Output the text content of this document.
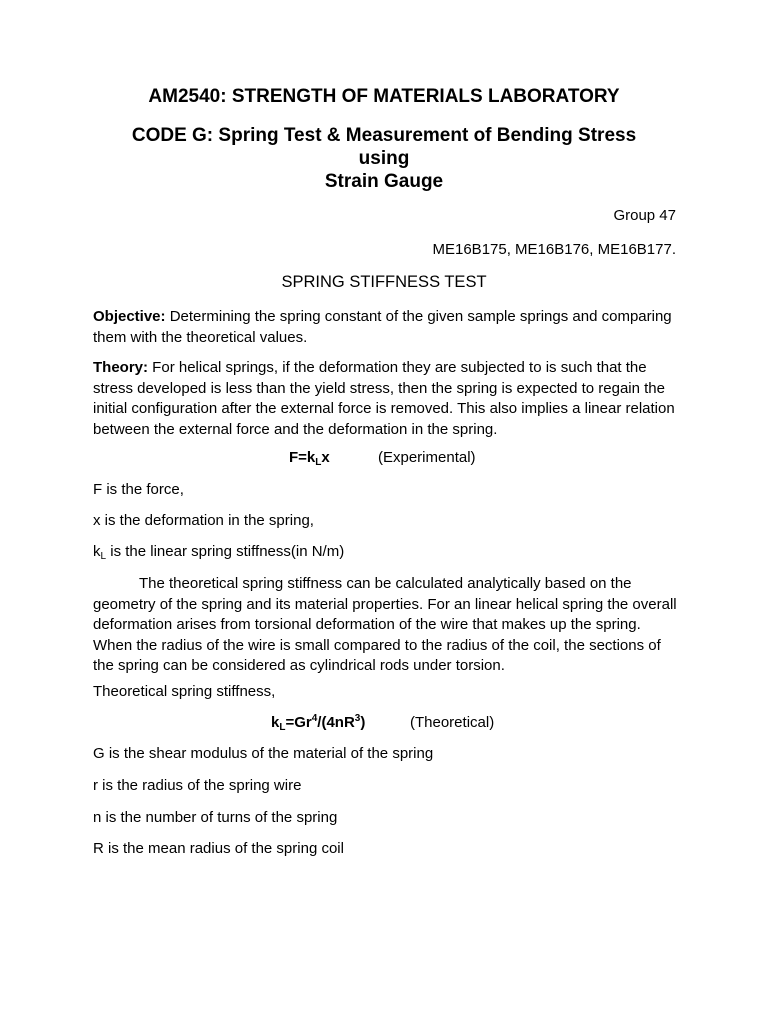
AM2540: STRENGTH OF MATERIALS LABORATORY
CODE G: Spring Test & Measurement of Bending Stress
using
Strain Gauge
Group 47
ME16B175, ME16B176, ME16B177.
SPRING STIFFNESS TEST
Objective: Determining the spring constant of the given sample springs and comparing them with the theoretical values.
Theory: For helical springs, if the deformation they are subjected to is such that the stress developed is less than the yield stress, then the spring is expected to regain the initial configuration after the external force is removed. This also implies a linear relation between the external force and the deformation in the spring.
$F=k_Lx$	(Experimental)
F is the force,
x is the deformation in the spring,
$k_L$ is the linear spring stiffness(in N/m)
The theoretical spring stiffness can be calculated analytically based on the geometry of the spring and its material properties. For an linear helical spring the overall deformation arises from torsional deformation of the wire that makes up the spring. When the radius of the wire is small compared to the radius of the coil, the sections of the spring can be considered as cylindrical rods under torsion.
Theoretical spring stiffness,
$k_L=Gr^4/(4nR^3)$	(Theoretical)
G is the shear modulus of the material of the spring
r is the radius of the spring wire
n is the number of turns of the spring
R is the mean radius of the spring coil
